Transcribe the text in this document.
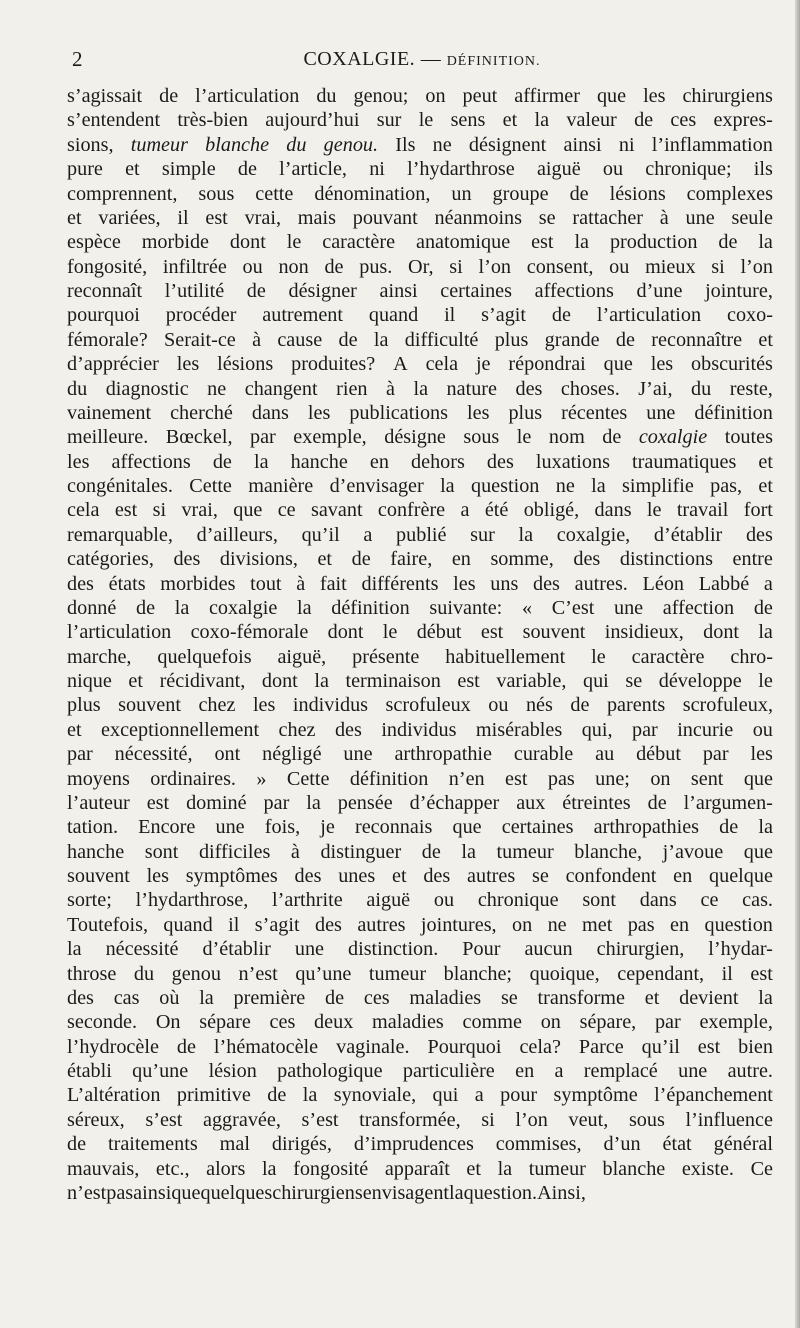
2	COXALGIE. — DÉFINITION.
s’agissait de l’articulation du genou; on peut affirmer que les chirurgiens
s’entendent très-bien aujourd’hui sur le sens et la valeur de ces expres-
sions, tumeur blanche du genou. Ils ne désignent ainsi ni l’inflammation
pure et simple de l’article, ni l’hydarthrose aiguë ou chronique; ils
comprennent, sous cette dénomination, un groupe de lésions complexes
et variées, il est vrai, mais pouvant néanmoins se rattacher à une seule
espèce morbide dont le caractère anatomique est la production de la
fongosité, infiltrée ou non de pus. Or, si l’on consent, ou mieux si l’on
reconnaît l’utilité de désigner ainsi certaines affections d’une jointure,
pourquoi procéder autrement quand il s’agit de l’articulation coxo-
fémorale? Serait-ce à cause de la difficulté plus grande de reconnaître et
d’apprécier les lésions produites? A cela je répondrai que les obscurités
du diagnostic ne changent rien à la nature des choses. J’ai, du reste,
vainement cherché dans les publications les plus récentes une définition
meilleure. Bœckel, par exemple, désigne sous le nom de coxalgie toutes
les affections de la hanche en dehors des luxations traumatiques et
congénitales. Cette manière d’envisager la question ne la simplifie pas, et
cela est si vrai, que ce savant confrère a été obligé, dans le travail fort
remarquable, d’ailleurs, qu’il a publié sur la coxalgie, d’établir des
catégories, des divisions, et de faire, en somme, des distinctions entre
des états morbides tout à fait différents les uns des autres. Léon Labbé a
donné de la coxalgie la définition suivante: « C’est une affection de
l’articulation coxo-fémorale dont le début est souvent insidieux, dont la
marche, quelquefois aiguë, présente habituellement le caractère chro-
nique et récidivant, dont la terminaison est variable, qui se développe le
plus souvent chez les individus scrofuleux ou nés de parents scrofuleux,
et exceptionnellement chez des individus misérables qui, par incurie ou
par nécessité, ont négligé une arthropathie curable au début par les
moyens ordinaires. » Cette définition n’en est pas une; on sent que
l’auteur est dominé par la pensée d’échapper aux étreintes de l’argumen-
tation. Encore une fois, je reconnais que certaines arthropathies de la
hanche sont difficiles à distinguer de la tumeur blanche, j’avoue que
souvent les symptômes des unes et des autres se confondent en quelque
sorte; l’hydarthrose, l’arthrite aiguë ou chronique sont dans ce cas.
Toutefois, quand il s’agit des autres jointures, on ne met pas en question
la nécessité d’établir une distinction. Pour aucun chirurgien, l’hydar-
throse du genou n’est qu’une tumeur blanche; quoique, cependant, il est
des cas où la première de ces maladies se transforme et devient la
seconde. On sépare ces deux maladies comme on sépare, par exemple,
l’hydrocèle de l’hématocèle vaginale. Pourquoi cela? Parce qu’il est bien
établi qu’une lésion pathologique particulière en a remplacé une autre.
L’altération primitive de la synoviale, qui a pour symptôme l’épanchement
séreux, s’est aggravée, s’est transformée, si l’on veut, sous l’influence
de traitements mal dirigés, d’imprudences commises, d’un état général
mauvais, etc., alors la fongosité apparaît et la tumeur blanche existe. Ce
n’est pas ainsi que quelques chirurgiens envisagent la question. Ainsi,
